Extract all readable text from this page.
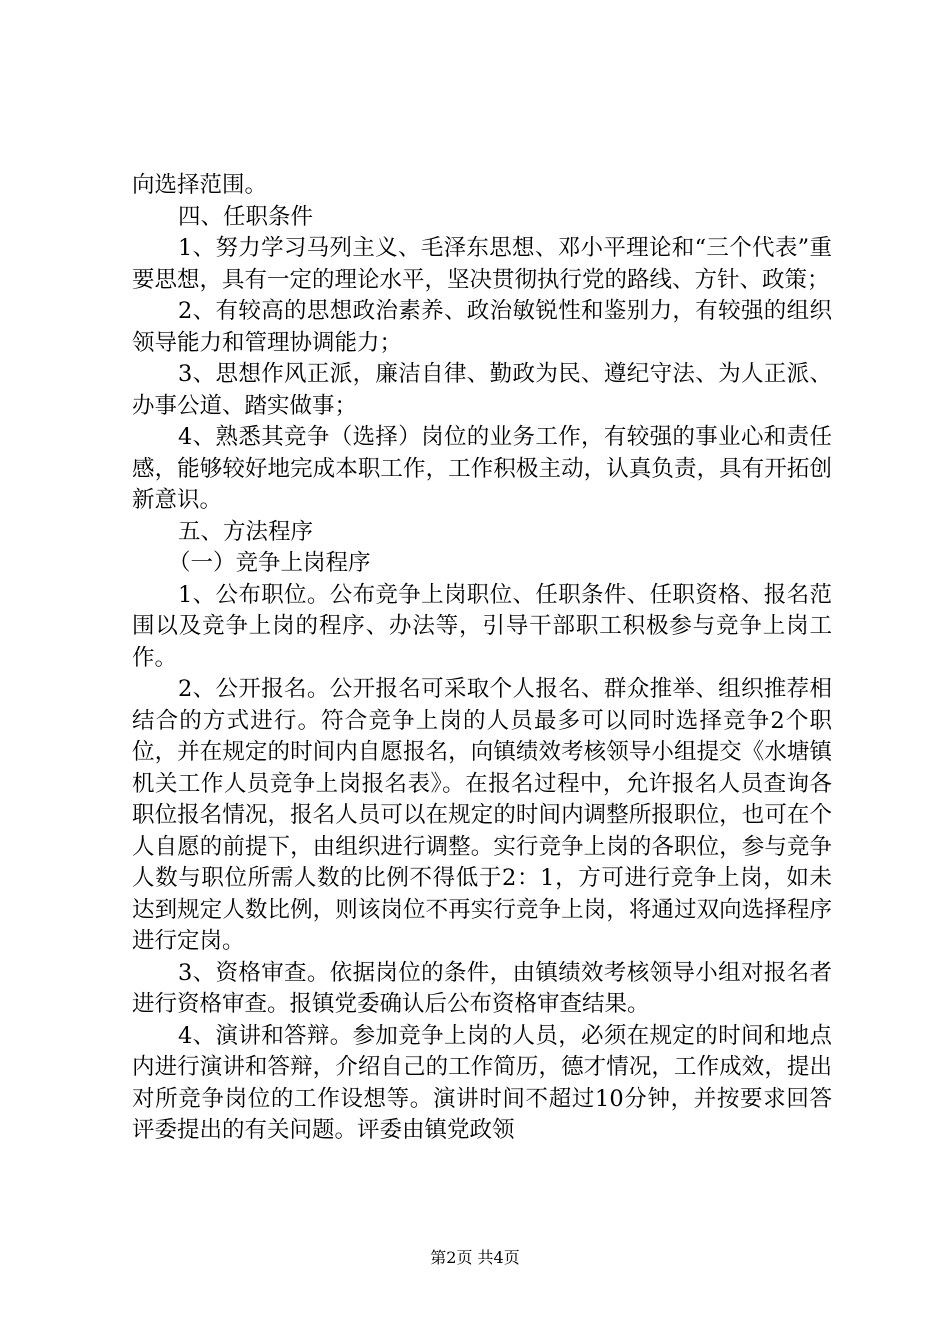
向选择范围。

四、任职条件

1、努力学习马列主义、毛泽东思想、邓小平理论和“三个代表”重要思想，具有一定的理论水平，坚决贯彻执行党的路线、方针、政策；

2、有较高的思想政治素养、政治敏锐性和鉴别力，有较强的组织领导能力和管理协调能力；

3、思想作风正派，廉洁自律、勤政为民、遵纪守法、为人正派、办事公道、踏实做事；

4、熟悉其竞争（选择）岗位的业务工作，有较强的事业心和责任感，能够较好地完成本职工作，工作积极主动，认真负责，具有开拓创新意识。

五、方法程序

（一）竞争上岗程序

1、公布职位。公布竞争上岗职位、任职条件、任职资格、报名范围以及竞争上岗的程序、办法等，引导干部职工积极参与竞争上岗工作。

2、公开报名。公开报名可采取个人报名、群众推举、组织推荐相结合的方式进行。符合竞争上岗的人员最多可以同时选择竞争2个职位，并在规定的时间内自愿报名，向镇绩效考核领导小组提交《水塘镇机关工作人员竞争上岗报名表》。在报名过程中，允许报名人员查询各职位报名情况，报名人员可以在规定的时间内调整所报职位，也可在个人自愿的前提下，由组织进行调整。实行竞争上岗的各职位，参与竞争人数与职位所需人数的比例不得低于2：1，方可进行竞争上岗，如未达到规定人数比例，则该岗位不再实行竞争上岗，将通过双向选择程序进行定岗。

3、资格审查。依据岗位的条件，由镇绩效考核领导小组对报名者进行资格审查。报镇党委确认后公布资格审查结果。

4、演讲和答辩。参加竞争上岗的人员，必须在规定的时间和地点内进行演讲和答辩，介绍自己的工作简历，德才情况，工作成效，提出对所竞争岗位的工作设想等。演讲时间不超过10分钟，并按要求回答评委提出的有关问题。评委由镇党政领

第2页 共4页
